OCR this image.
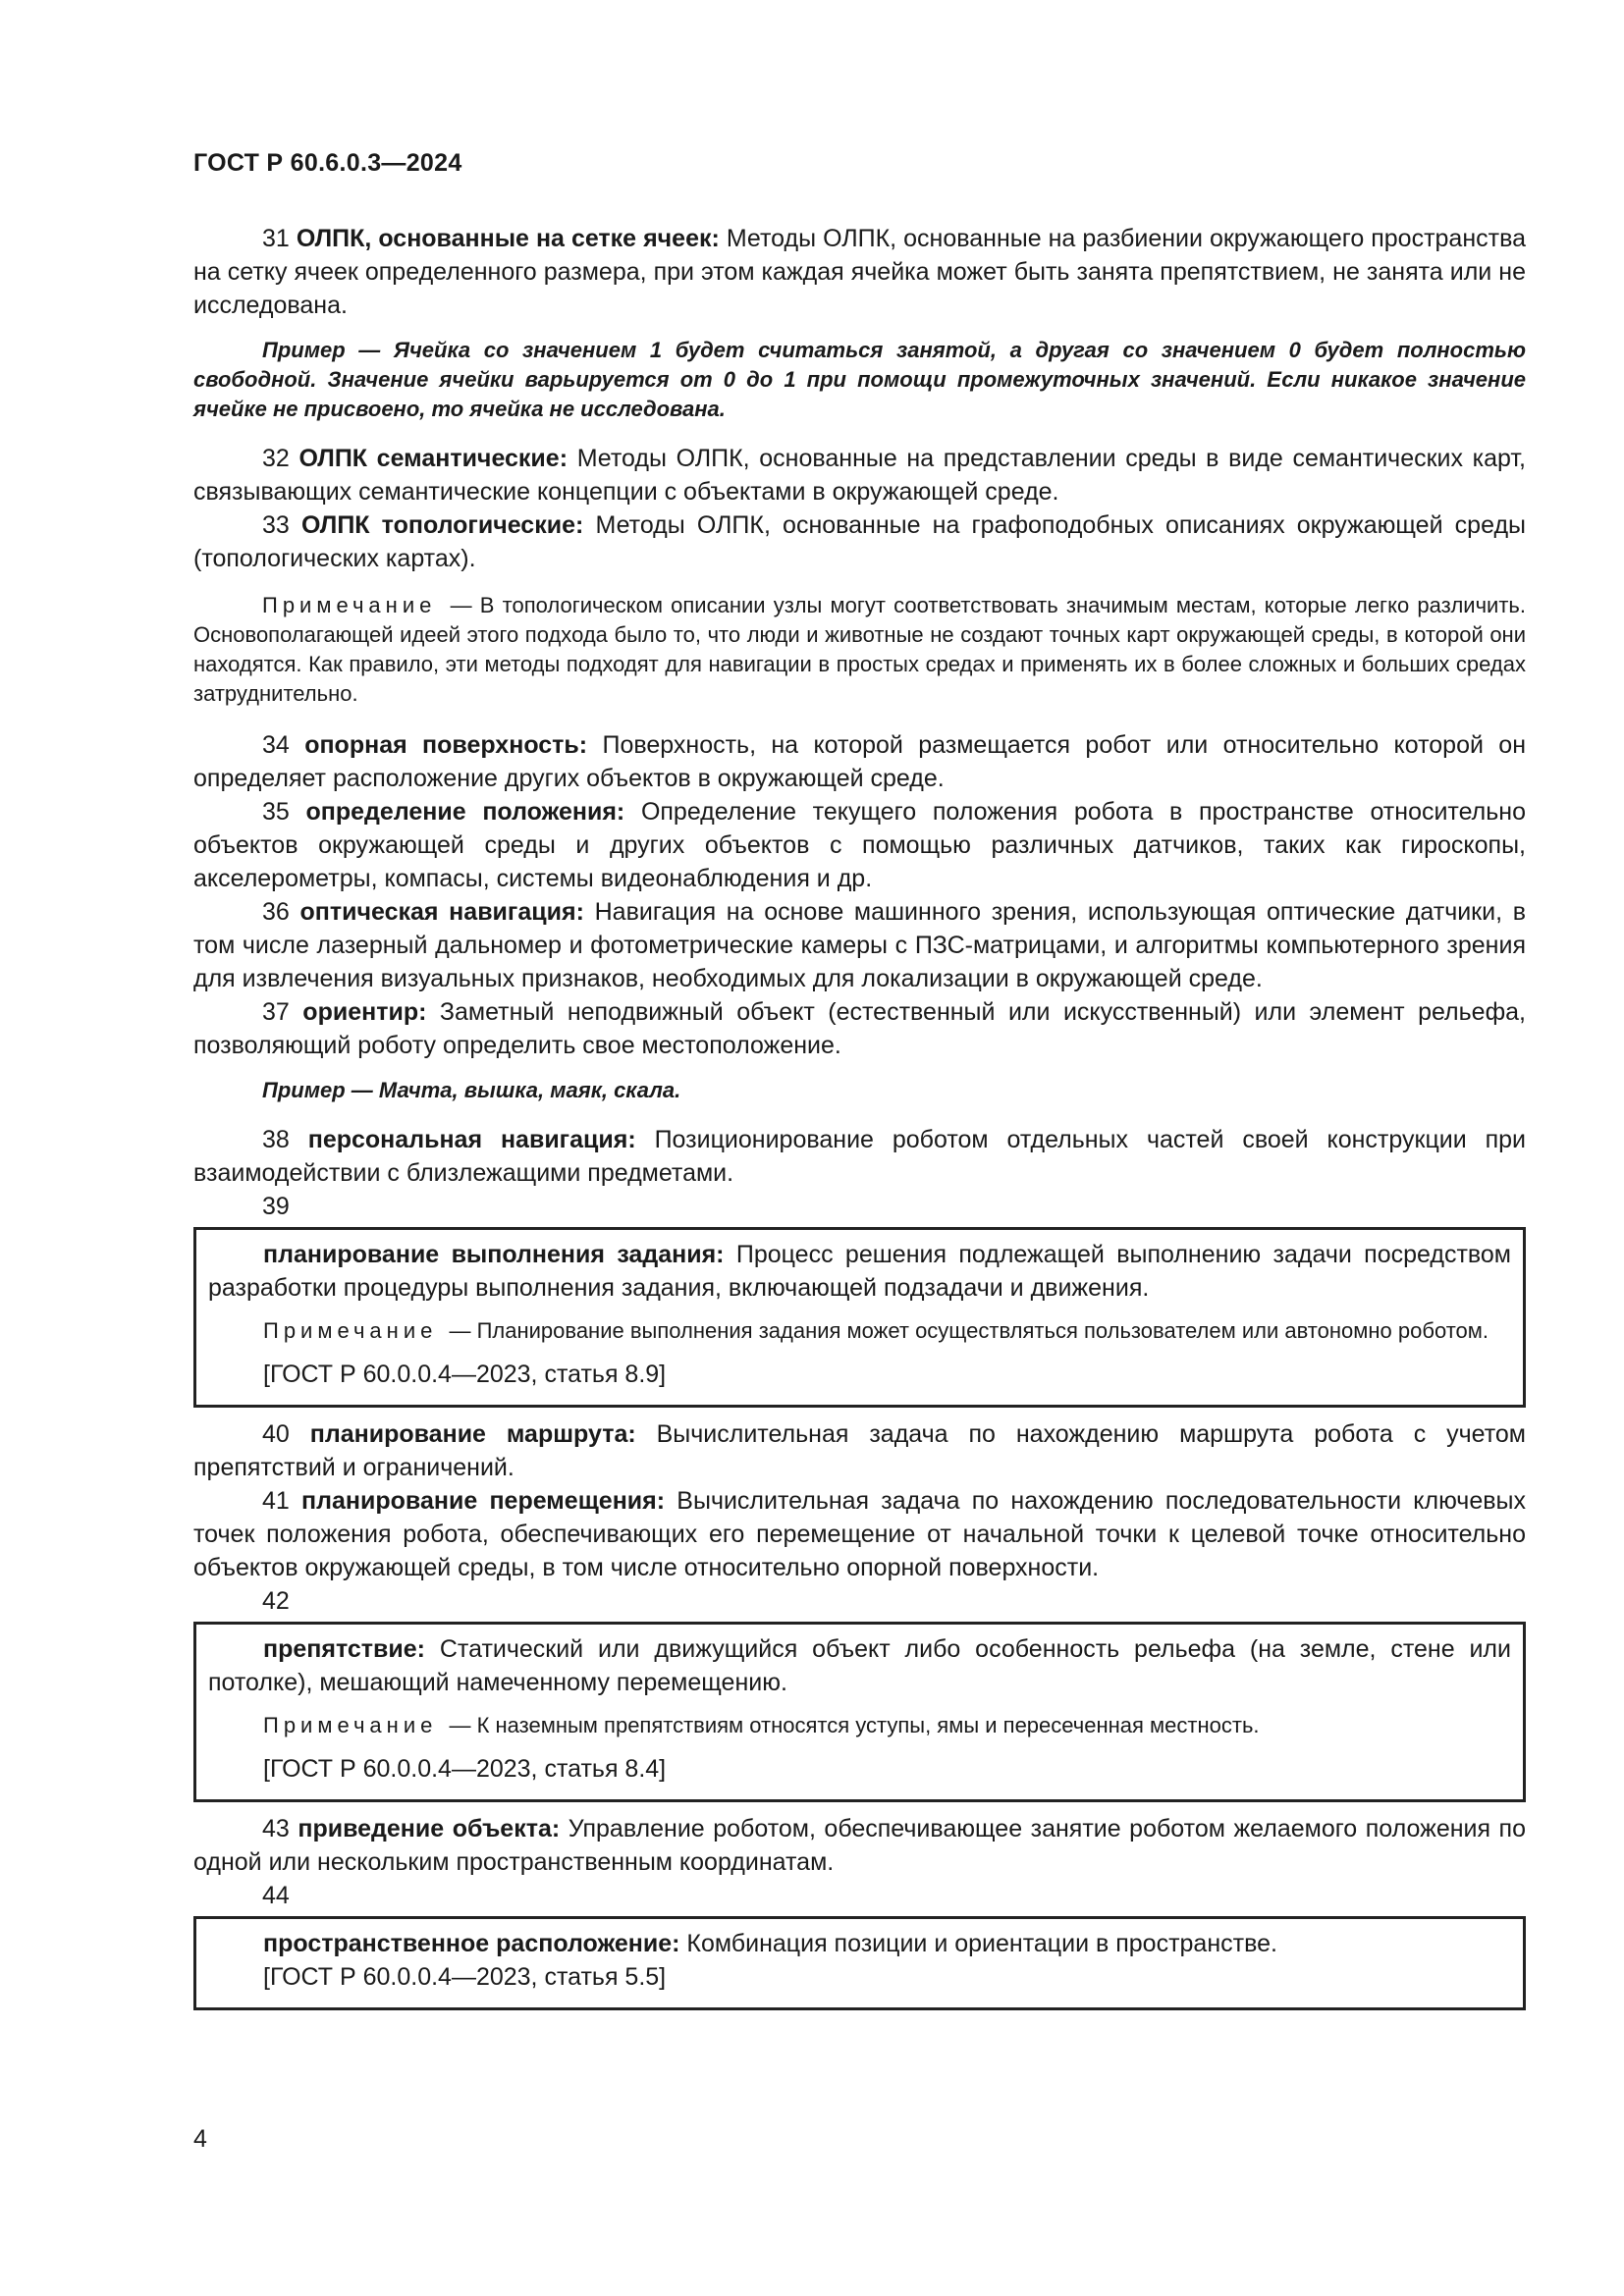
ГОСТ Р 60.6.0.3—2024

31 ОЛПК, основанные на сетке ячеек: Методы ОЛПК, основанные на разбиении окружающего пространства на сетку ячеек определенного размера, при этом каждая ячейка может быть занята препятствием, не занята или не исследована.

Пример — Ячейка со значением 1 будет считаться занятой, а другая со значением 0 будет полностью свободной. Значение ячейки варьируется от 0 до 1 при помощи промежуточных значений. Если никакое значение ячейке не присвоено, то ячейка не исследована.

32 ОЛПК семантические: Методы ОЛПК, основанные на представлении среды в виде семантических карт, связывающих семантические концепции с объектами в окружающей среде.

33 ОЛПК топологические: Методы ОЛПК, основанные на графоподобных описаниях окружающей среды (топологических картах).

Примечание — В топологическом описании узлы могут соответствовать значимым местам, которые легко различить. Основополагающей идеей этого подхода было то, что люди и животные не создают точных карт окружающей среды, в которой они находятся. Как правило, эти методы подходят для навигации в простых средах и применять их в более сложных и больших средах затруднительно.

34 опорная поверхность: Поверхность, на которой размещается робот или относительно которой он определяет расположение других объектов в окружающей среде.

35 определение положения: Определение текущего положения робота в пространстве относительно объектов окружающей среды и других объектов с помощью различных датчиков, таких как гироскопы, акселерометры, компасы, системы видеонаблюдения и др.

36 оптическая навигация: Навигация на основе машинного зрения, использующая оптические датчики, в том числе лазерный дальномер и фотометрические камеры с ПЗС-матрицами, и алгоритмы компьютерного зрения для извлечения визуальных признаков, необходимых для локализации в окружающей среде.

37 ориентир: Заметный неподвижный объект (естественный или искусственный) или элемент рельефа, позволяющий роботу определить свое местоположение.

Пример — Мачта, вышка, маяк, скала.

38 персональная навигация: Позиционирование роботом отдельных частей своей конструкции при взаимодействии с близлежащими предметами.

39

планирование выполнения задания: Процесс решения подлежащей выполнению задачи посредством разработки процедуры выполнения задания, включающей подзадачи и движения.

Примечание — Планирование выполнения задания может осуществляться пользователем или автономно роботом.

[ГОСТ Р 60.0.0.4—2023, статья 8.9]

40 планирование маршрута: Вычислительная задача по нахождению маршрута робота с учетом препятствий и ограничений.

41 планирование перемещения: Вычислительная задача по нахождению последовательности ключевых точек положения робота, обеспечивающих его перемещение от начальной точки к целевой точке относительно объектов окружающей среды, в том числе относительно опорной поверхности.

42

препятствие: Статический или движущийся объект либо особенность рельефа (на земле, стене или потолке), мешающий намеченному перемещению.

Примечание — К наземным препятствиям относятся уступы, ямы и пересеченная местность.

[ГОСТ Р 60.0.0.4—2023, статья 8.4]

43 приведение объекта: Управление роботом, обеспечивающее занятие роботом желаемого положения по одной или нескольким пространственным координатам.

44

пространственное расположение: Комбинация позиции и ориентации в пространстве.

[ГОСТ Р 60.0.0.4—2023, статья 5.5]

4
